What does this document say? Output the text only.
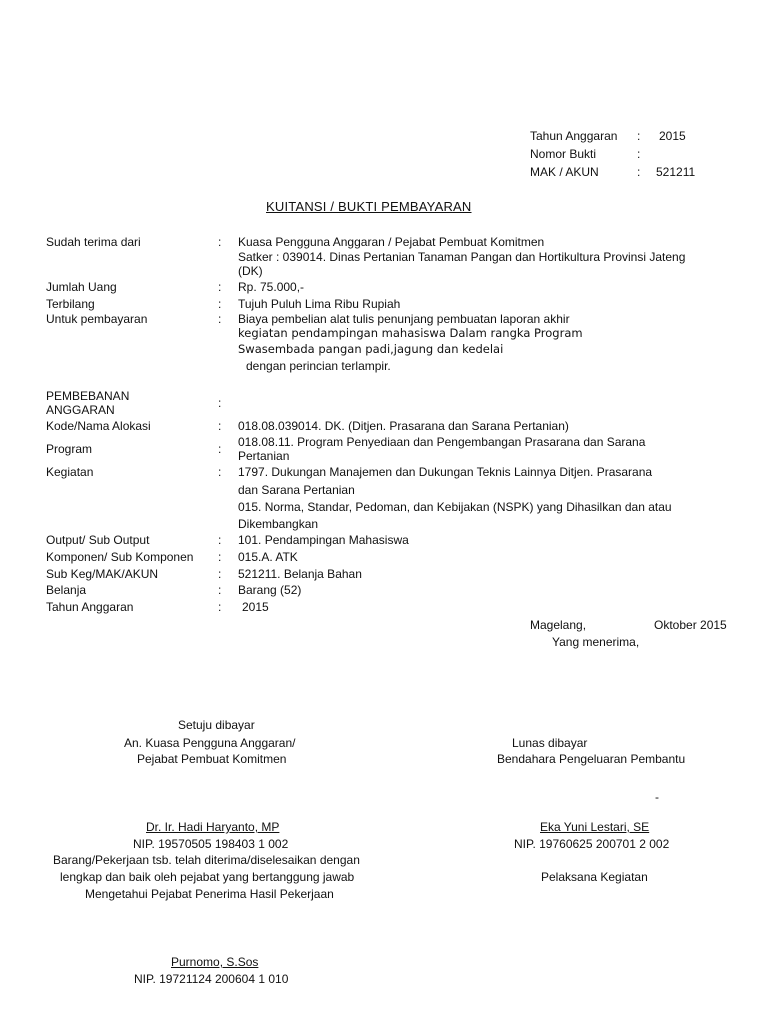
Tahun Anggaran : 2015
Nomor Bukti	:
MAK / AKUN	: 521211
KUITANSI / BUKTI PEMBAYARAN
Sudah terima dari	: Kuasa Pengguna Anggaran / Pejabat Pembuat Komitmen
Satker : 039014. Dinas Pertanian Tanaman Pangan dan Hortikultura Provinsi Jateng
(DK)
Jumlah Uang	: Rp. 75.000,-
Terbilang	: Tujuh Puluh Lima Ribu Rupiah
Untuk pembayaran	: Biaya pembelian alat tulis penunjang pembuatan laporan akhir
kegiatan pendampingan mahasiswa Dalam rangka Program
Swasembada pangan padi,jagung dan kedelai
dengan perincian terlampir.
PEMBEBANAN
ANGGARAN	:
Kode/Nama Alokasi	: 018.08.039014. DK. (Ditjen. Prasarana dan Sarana Pertanian)
Program	: 018.08.11. Program Penyediaan dan Pengembangan Prasarana dan Sarana
Pertanian
Kegiatan	: 1797. Dukungan Manajemen dan Dukungan Teknis Lainnya Ditjen. Prasarana
dan Sarana Pertanian
015. Norma, Standar, Pedoman, dan Kebijakan (NSPK) yang Dihasilkan dan atau
Dikembangkan
Output/ Sub Output	: 101. Pendampingan Mahasiswa
Komponen/ Sub Komponen : 015.A. ATK
Sub Keg/MAK/AKUN	: 521211. Belanja Bahan
Belanja	: Barang (52)
Tahun Anggaran	: 2015
Magelang,	Oktober 2015
Yang menerima,
Setuju dibayar
An. Kuasa Pengguna Anggaran/
Pejabat Pembuat Komitmen
Lunas dibayar
Bendahara Pengeluaran Pembantu
-
Dr. Ir. Hadi Haryanto, MP
NIP. 19570505 198403 1 002
Eka Yuni Lestari, SE
NIP. 19760625 200701 2 002
Barang/Pekerjaan tsb. telah diterima/diselesaikan dengan
lengkap dan baik oleh pejabat yang bertanggung jawab
Mengetahui Pejabat Penerima Hasil Pekerjaan
Pelaksana Kegiatan
Purnomo, S.Sos
NIP. 19721124 200604 1 010
